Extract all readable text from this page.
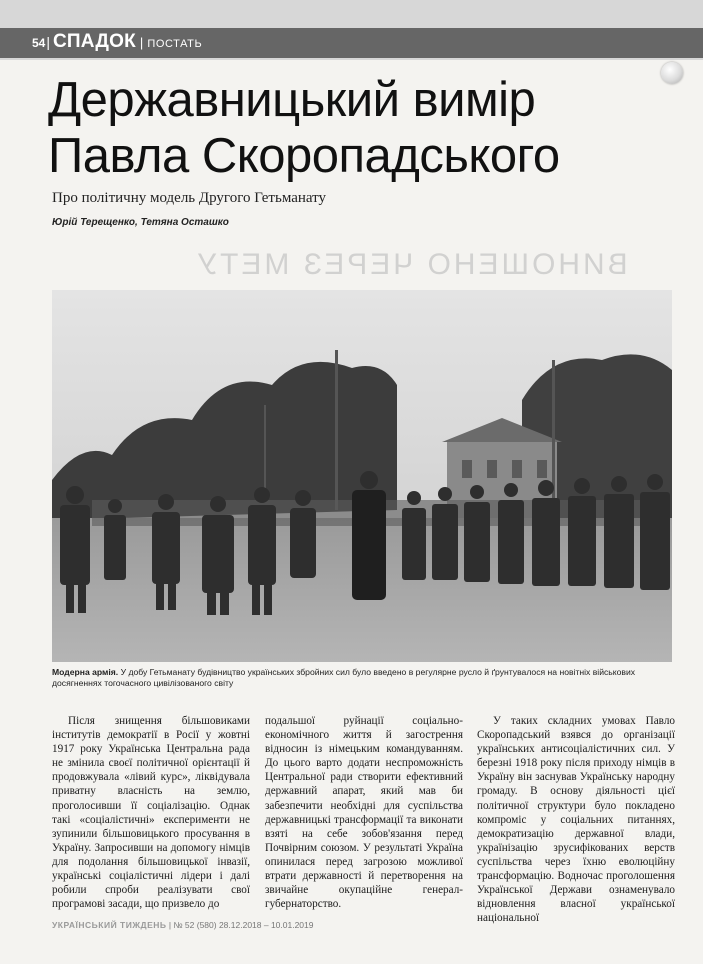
54 | СПАДОК | ПОСТАТЬ
ВИНОШЕНО ЧЕРЕЗ МЕТУ
Державницький вимір
Павла Скоропадського
Про політичну модель Другого Гетьманату
Юрій Терещенко, Тетяна Осташко
Модерна армія. У добу Гетьманату будівництво українських збройних сил було введено в регулярне русло й ґрунтувалося на новітніх військових досягненнях тогочасного цивілізованого світу

Після знищення більшовиками інститутів демократії в Росії у жовтні 1917 року Українська Центральна рада не змінила своєї політичної орієнтації й продовжувала «лівий курс», ліквідувала приватну власність на землю, проголосивши її соціалізацію. Однак такі «соціалістичні» експерименти не зупинили більшовицького просування в Україну. Запросивши на допомогу німців для подолання більшовицької інвазії, українські соціалістичні лідери і далі робили спроби реалізувати свої програмові засади, що призвело до

подальшої руйнації соціально-економічного життя й загострення відносин із німецьким командуванням. До цього варто додати неспроможність Центральної ради створити ефективний державний апарат, який мав би забезпечити необхідні для суспільства державницькі трансформації та виконати взяті на себе зобов'язання перед Почвірним союзом. У результаті Україна опинилася перед загрозою можливої втрати державності й перетворення на звичайне окупаційне генерал-губернаторство.

У таких складних умовах Павло Скоропадський взявся до організації українських антисоціалістичних сил. У березні 1918 року після приходу німців в Україну він заснував Українську народну громаду. В основу діяльності цієї політичної структури було покладено компроміс у соціальних питаннях, демократизацію державної влади, українізацію зрусифікованих верств суспільства через їхню еволюційну трансформацію. Водночас проголошення Української Держави ознаменувало відновлення власної української національної

УКРАЇНСЬКИЙ ТИЖДЕНЬ | № 52 (580) 28.12.2018 – 10.01.2019
